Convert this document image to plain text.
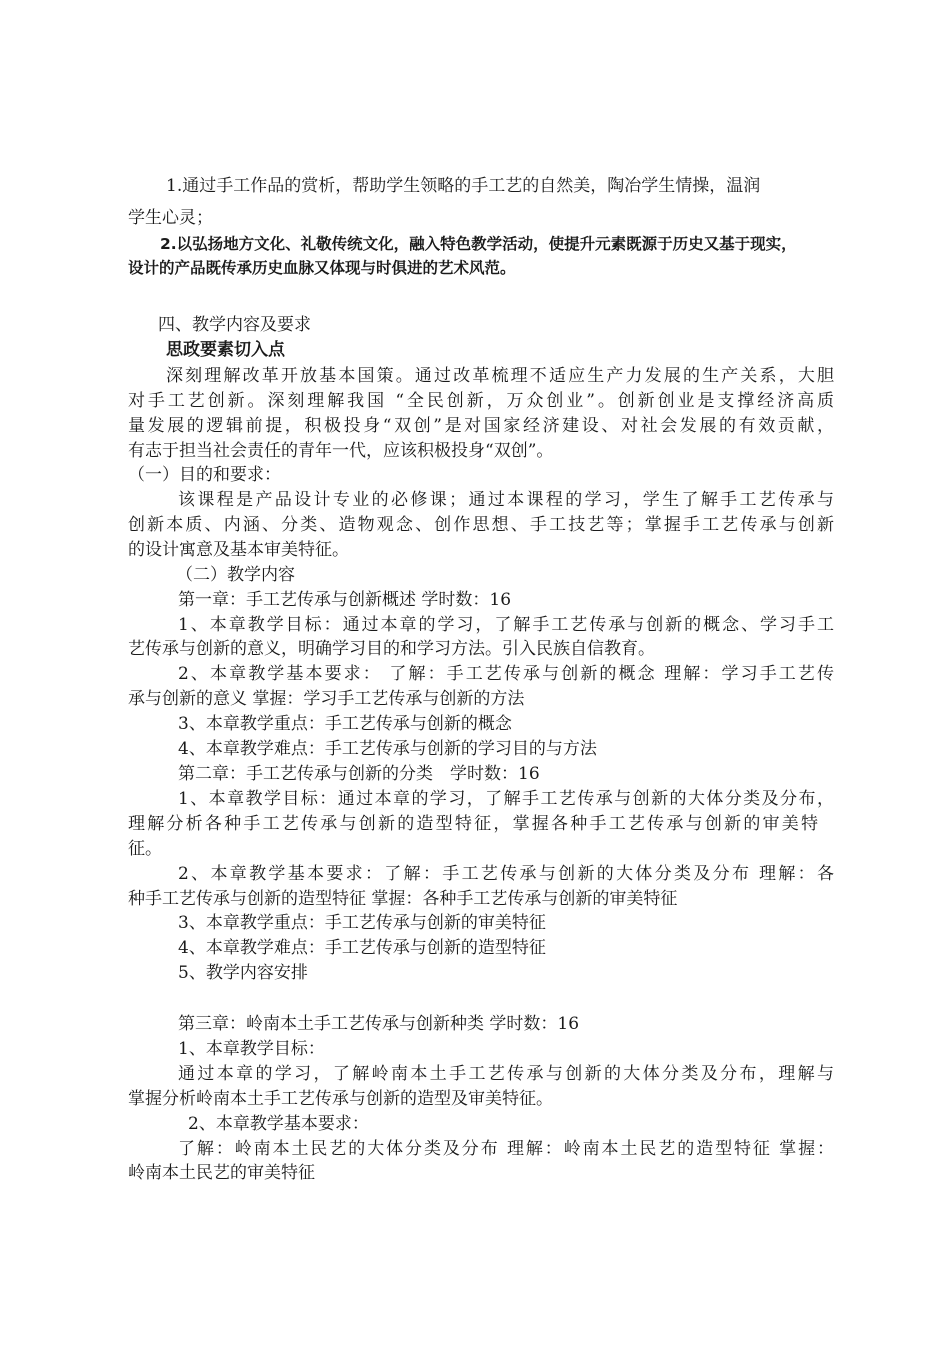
1.通过手工作品的赏析，帮助学生领略的手工艺的自然美，陶冶学生情操，温润
学生心灵；
2.以弘扬地方文化、礼敬传统文化，融入特色教学活动，使提升元素既源于历史又基于现实，
设计的产品既传承历史血脉又体现与时俱进的艺术风范。
四、教学内容及要求
思政要素切入点
深刻理解改革开放基本国策。通过改革梳理不适应生产力发展的生产关系，大胆
对手工艺创新。深刻理解我国 “全民创新，万众创业”。创新创业是支撑经济高质
量发展的逻辑前提，积极投身“双创”是对国家经济建设、对社会发展的有效贡献，
有志于担当社会责任的青年一代，应该积极投身“双创”。
（一）目的和要求：
该课程是产品设计专业的必修课；通过本课程的学习，学生了解手工艺传承与
创新本质、内涵、分类、造物观念、创作思想、手工技艺等；掌握手工艺传承与创新
的设计寓意及基本审美特征。
（二）教学内容
第一章：手工艺传承与创新概述 学时数：16
1、本章教学目标：通过本章的学习，了解手工艺传承与创新的概念、学习手工
艺传承与创新的意义，明确学习目的和学习方法。引入民族自信教育。
2、本章教学基本要求： 了解：手工艺传承与创新的概念 理解：学习手工艺传
承与创新的意义 掌握：学习手工艺传承与创新的方法
3、本章教学重点：手工艺传承与创新的概念
4、本章教学难点：手工艺传承与创新的学习目的与方法
第二章：手工艺传承与创新的分类　学时数：16
1、本章教学目标：通过本章的学习，了解手工艺传承与创新的大体分类及分布，
理解分析各种手工艺传承与创新的造型特征，掌握各种手工艺传承与创新的审美特
征。
2、本章教学基本要求：了解：手工艺传承与创新的大体分类及分布 理解：各
种手工艺传承与创新的造型特征 掌握：各种手工艺传承与创新的审美特征
3、本章教学重点：手工艺传承与创新的审美特征
4、本章教学难点：手工艺传承与创新的造型特征
5、教学内容安排
第三章：岭南本土手工艺传承与创新种类 学时数：16
1、本章教学目标：
通过本章的学习，了解岭南本土手工艺传承与创新的大体分类及分布，理解与
掌握分析岭南本土手工艺传承与创新的造型及审美特征。
2、本章教学基本要求：
了解：岭南本土民艺的大体分类及分布 理解：岭南本土民艺的造型特征 掌握：
岭南本土民艺的审美特征
